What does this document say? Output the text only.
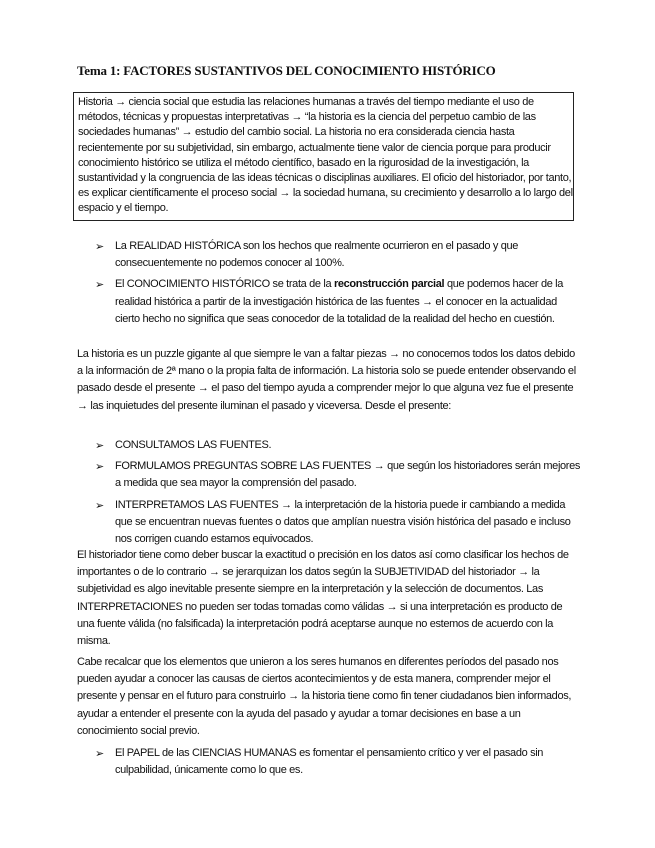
Tema 1: FACTORES SUSTANTIVOS DEL CONOCIMIENTO HISTÓRICO

Historia → ciencia social que estudia las relaciones humanas a través del tiempo mediante el uso de métodos, técnicas y propuestas interpretativas → “la historia es la ciencia del perpetuo cambio de las sociedades humanas” → estudio del cambio social. La historia no era considerada ciencia hasta recientemente por su subjetividad, sin embargo, actualmente tiene valor de ciencia porque para producir conocimiento histórico se utiliza el método científico, basado en la rigurosidad de la investigación, la sustantividad y la congruencia de las ideas técnicas o disciplinas auxiliares. El oficio del historiador, por tanto, es explicar científicamente el proceso social → la sociedad humana, su crecimiento y desarrollo a lo largo del espacio y el tiempo.

➢ La REALIDAD HISTÓRICA son los hechos que realmente ocurrieron en el pasado y que consecuentemente no podemos conocer al 100%.
➢ El CONOCIMIENTO HISTÓRICO se trata de la reconstrucción parcial que podemos hacer de la realidad histórica a partir de la investigación histórica de las fuentes → el conocer en la actualidad cierto hecho no significa que seas conocedor de la totalidad de la realidad del hecho en cuestión.

La historia es un puzzle gigante al que siempre le van a faltar piezas → no conocemos todos los datos debido a la información de 2ª mano o la propia falta de información. La historia solo se puede entender observando el pasado desde el presente → el paso del tiempo ayuda a comprender mejor lo que alguna vez fue el presente → las inquietudes del presente iluminan el pasado y viceversa. Desde el presente:

➢ CONSULTAMOS LAS FUENTES.
➢ FORMULAMOS PREGUNTAS SOBRE LAS FUENTES → que según los historiadores serán mejores a medida que sea mayor la comprensión del pasado.
➢ INTERPRETAMOS LAS FUENTES → la interpretación de la historia puede ir cambiando a medida que se encuentran nuevas fuentes o datos que amplían nuestra visión histórica del pasado e incluso nos corrigen cuando estamos equivocados.

El historiador tiene como deber buscar la exactitud o precisión en los datos así como clasificar los hechos de importantes o de lo contrario → se jerarquizan los datos según la SUBJETIVIDAD del historiador → la subjetividad es algo inevitable presente siempre en la interpretación y la selección de documentos. Las INTERPRETACIONES no pueden ser todas tomadas como válidas → si una interpretación es producto de una fuente válida (no falsificada) la interpretación podrá aceptarse aunque no estemos de acuerdo con la misma.

Cabe recalcar que los elementos que unieron a los seres humanos en diferentes períodos del pasado nos pueden ayudar a conocer las causas de ciertos acontecimientos y de esta manera, comprender mejor el presente y pensar en el futuro para construirlo → la historia tiene como fin tener ciudadanos bien informados, ayudar a entender el presente con la ayuda del pasado y ayudar a tomar decisiones en base a un conocimiento social previo.

➢ El PAPEL de las CIENCIAS HUMANAS es fomentar el pensamiento crítico y ver el pasado sin culpabilidad, únicamente como lo que es.
